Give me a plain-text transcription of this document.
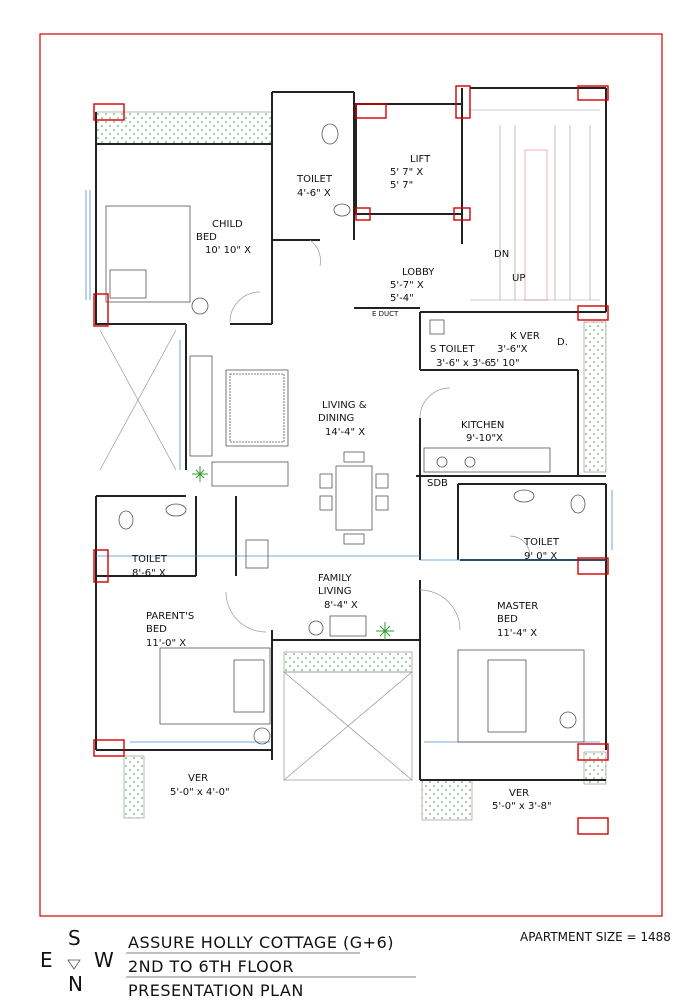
CHILD
BED
10' 10" X
TOILET
4'-6" X
LIFT
5' 7" X
5' 7"
DN
UP
LOBBY
5'-7" X
5'-4"
E DUCT
LIVING &
DINING
14'-4" X
S TOILET
3'-6" x 3'-6
K VER
3'-6"X
5' 10"
D.
KITCHEN
9'-10"X
SDB
TOILET
8'-6" X
TOILET
9' 0" X
FAMILY
LIVING
8'-4" X
PARENT'S
BED
11'-0" X
MASTER
BED
11'-4" X
VER
5'-0" x 4'-0"	VER
5'-0" x 3'-8"
S
E W
N
ASSURE HOLLY COTTAGE (G+6)
2ND TO 6TH FLOOR
PRESENTATION PLAN
APARTMENT SIZE = 1488
